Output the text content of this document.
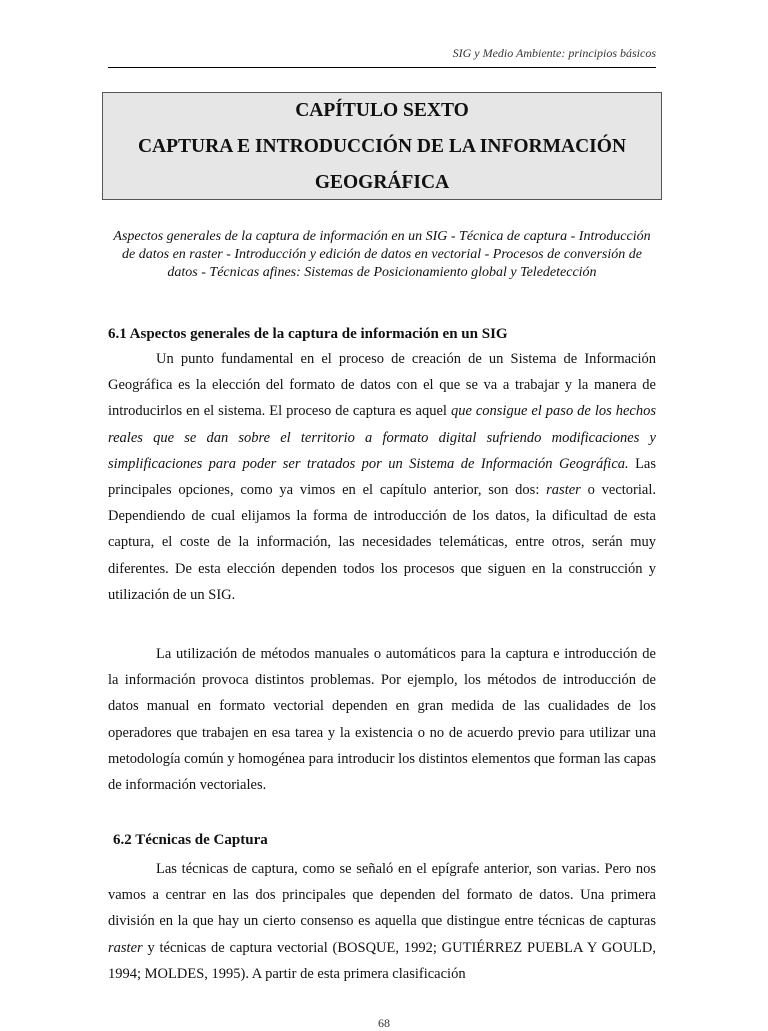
SIG y Medio Ambiente: principios básicos
CAPÍTULO SEXTO
CAPTURA E INTRODUCCIÓN DE LA INFORMACIÓN
GEOGRÁFICA
Aspectos generales de la captura de información en un SIG - Técnica de captura - Introducción de datos en raster - Introducción y edición de datos en vectorial - Procesos de conversión de datos - Técnicas afines: Sistemas de Posicionamiento global y Teledetección
6.1 Aspectos generales de la captura de información en un SIG
Un punto fundamental en el proceso de creación de un Sistema de Información Geográfica es la elección del formato de datos con el que se va a trabajar y la manera de introducirlos en el sistema. El proceso de captura es aquel que consigue el paso de los hechos reales que se dan sobre el territorio a formato digital sufriendo modificaciones y simplificaciones para poder ser tratados por un Sistema de Información Geográfica. Las principales opciones, como ya vimos en el capítulo anterior, son dos: raster o vectorial. Dependiendo de cual elijamos la forma de introducción de los datos, la dificultad de esta captura, el coste de la información, las necesidades telemáticas, entre otros, serán muy diferentes. De esta elección dependen todos los procesos que siguen en la construcción y utilización de un SIG.
La utilización de métodos manuales o automáticos para la captura e introducción de la información provoca distintos problemas. Por ejemplo, los métodos de introducción de datos manual en formato vectorial dependen en gran medida de las cualidades de los operadores que trabajen en esa tarea y la existencia o no de acuerdo previo para utilizar una metodología común y homogénea para introducir los distintos elementos que forman las capas de información vectoriales.
6.2 Técnicas de Captura
Las técnicas de captura, como se señaló en el epígrafe anterior, son varias. Pero nos vamos a centrar en las dos principales que dependen del formato de datos. Una primera división en la que hay un cierto consenso es aquella que distingue entre técnicas de capturas raster y técnicas de captura vectorial (BOSQUE, 1992; GUTIÉRREZ PUEBLA Y GOULD, 1994; MOLDES, 1995). A partir de esta primera clasificación
68
